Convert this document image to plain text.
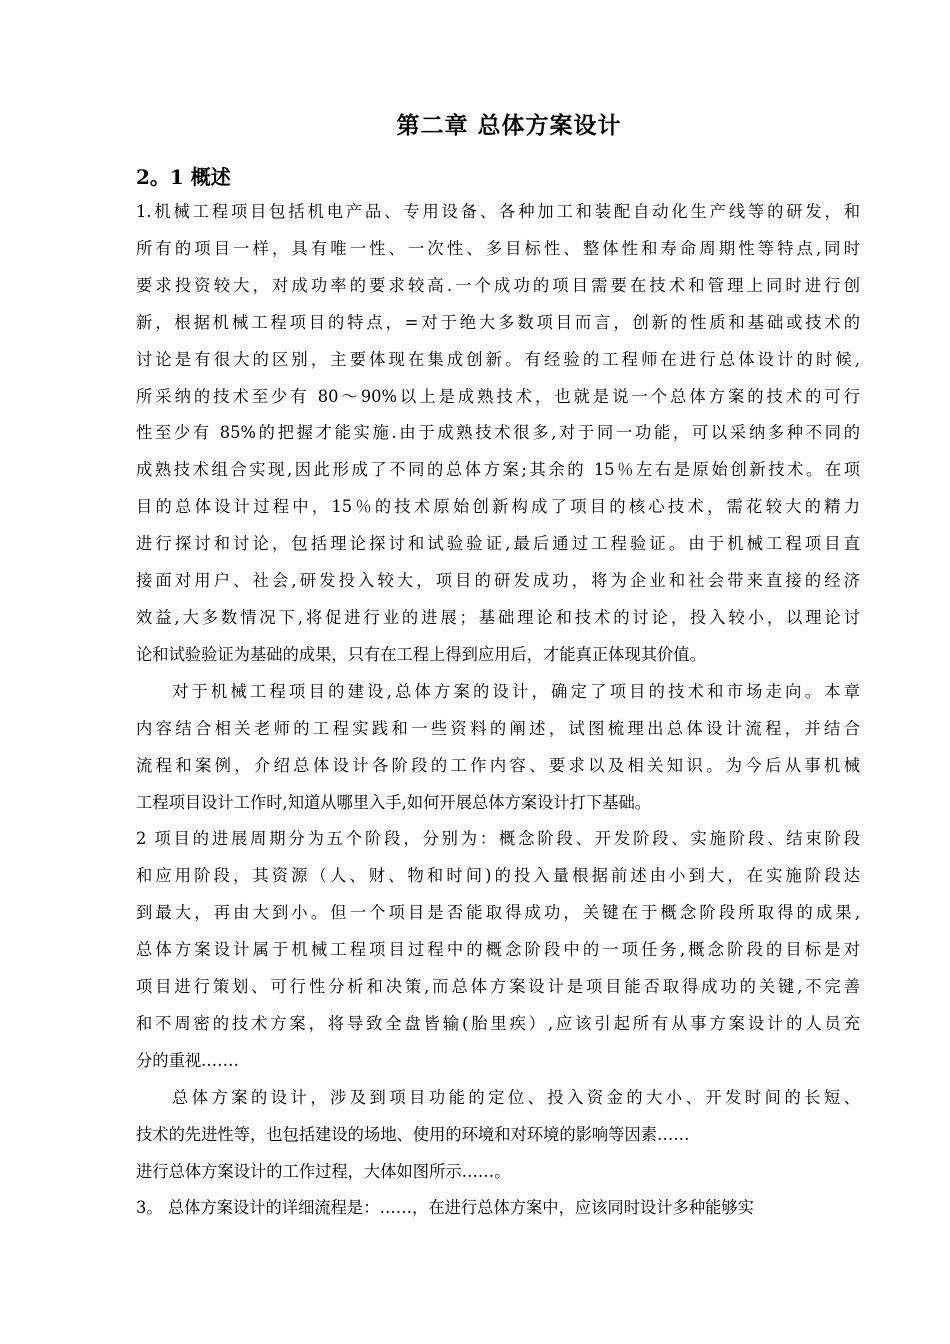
第二章 总体方案设计
2。1 概述

1.机械工程项目包括机电产品、专用设备、各种加工和装配自动化生产线等的研发，和
所有的项目一样，具有唯一性、一次性、多目标性、整体性和寿命周期性等特点,同时
要求投资较大，对成功率的要求较高.一个成功的项目需要在技术和管理上同时进行创
新，根据机械工程项目的特点，=对于绝大多数项目而言，创新的性质和基础或技术的
讨论是有很大的区别，主要体现在集成创新。有经验的工程师在进行总体设计的时候,
所采纳的技术至少有 80～90%以上是成熟技术，也就是说一个总体方案的技术的可行
性至少有 85%的把握才能实施.由于成熟技术很多,对于同一功能，可以采纳多种不同的
成熟技术组合实现,因此形成了不同的总体方案;其余的 15％左右是原始创新技术。在项
目的总体设计过程中，15％的技术原始创新构成了项目的核心技术，需花较大的精力
进行探讨和讨论，包括理论探讨和试验验证,最后通过工程验证。由于机械工程项目直
接面对用户、社会,研发投入较大，项目的研发成功，将为企业和社会带来直接的经济
效益,大多数情况下,将促进行业的进展；基础理论和技术的讨论，投入较小，以理论讨
论和试验验证为基础的成果，只有在工程上得到应用后，才能真正体现其价值。

对于机械工程项目的建设,总体方案的设计，确定了项目的技术和市场走向。本章
内容结合相关老师的工程实践和一些资料的阐述，试图梳理出总体设计流程，并结合
流程和案例，介绍总体设计各阶段的工作内容、要求以及相关知识。为今后从事机械
工程项目设计工作时,知道从哪里入手,如何开展总体方案设计打下基础。

2 项目的进展周期分为五个阶段，分别为：概念阶段、开发阶段、实施阶段、结束阶段
和应用阶段，其资源（人、财、物和时间)的投入量根据前述由小到大，在实施阶段达
到最大，再由大到小。但一个项目是否能取得成功，关键在于概念阶段所取得的成果,
总体方案设计属于机械工程项目过程中的概念阶段中的一项任务,概念阶段的目标是对
项目进行策划、可行性分析和决策,而总体方案设计是项目能否取得成功的关键,不完善
和不周密的技术方案，将导致全盘皆输(胎里疾）,应该引起所有从事方案设计的人员充
分的重视.……

总体方案的设计，涉及到项目功能的定位、投入资金的大小、开发时间的长短、
技术的先进性等，也包括建设的场地、使用的环境和对环境的影响等因素……

进行总体方案设计的工作过程，大体如图所示……。

3。 总体方案设计的详细流程是：……，在进行总体方案中，应该同时设计多种能够实
